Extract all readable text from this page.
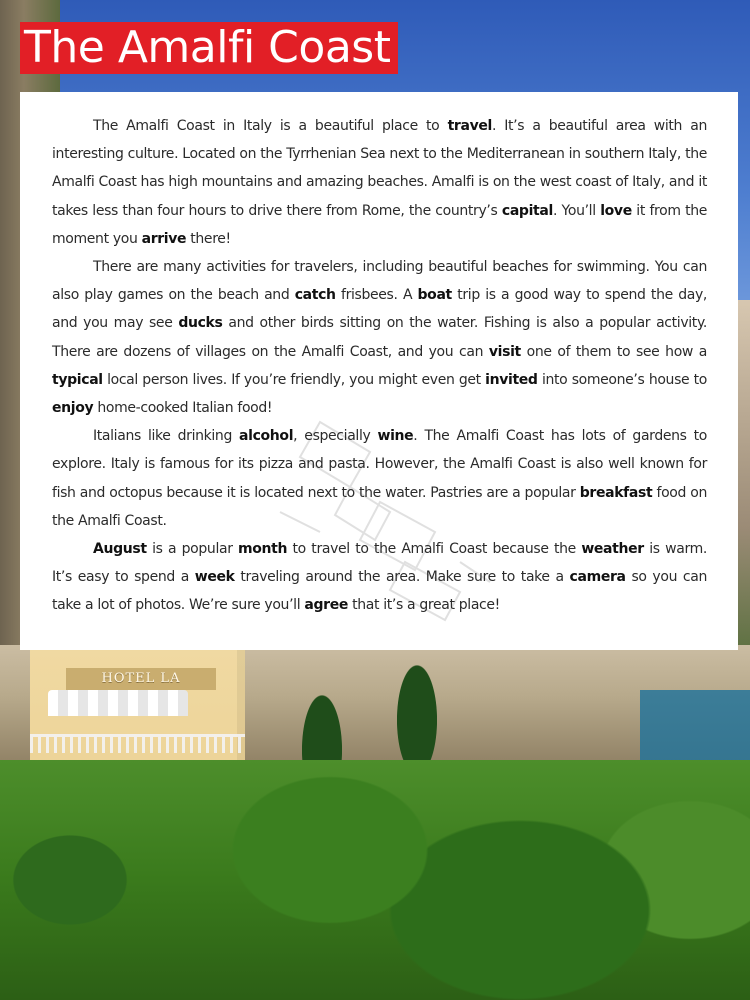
HOTEL LA
The Amalfi Coast

The Amalfi Coast in Italy is a beautiful place to travel. It’s a beautiful area with an interesting culture. Located on the Tyrrhenian Sea next to the Mediterranean in southern Italy, the Amalfi Coast has high mountains and amazing beaches. Amalfi is on the west coast of Italy, and it takes less than four hours to drive there from Rome, the country’s capital. You’ll love it from the moment you arrive there!

There are many activities for travelers, including beautiful beaches for swimming. You can also play games on the beach and catch frisbees. A boat trip is a good way to spend the day, and you may see ducks and other birds sitting on the water. Fishing is also a popular activity. There are dozens of villages on the Amalfi Coast, and you can visit one of them to see how a typical local person lives. If you’re friendly, you might even get invited into someone’s house to enjoy home-cooked Italian food!

Italians like drinking alcohol, especially wine. The Amalfi Coast has lots of gardens to explore. Italy is famous for its pizza and pasta. However, the Amalfi Coast is also well known for fish and octopus because it is located next to the water. Pastries are a popular breakfast food on the Amalfi Coast.

August is a popular month to travel to the Amalfi Coast because the weather is warm. It’s easy to spend a week traveling around the area. Make sure to take a camera so you can take a lot of photos. We’re sure you’ll agree that it’s a great place!
